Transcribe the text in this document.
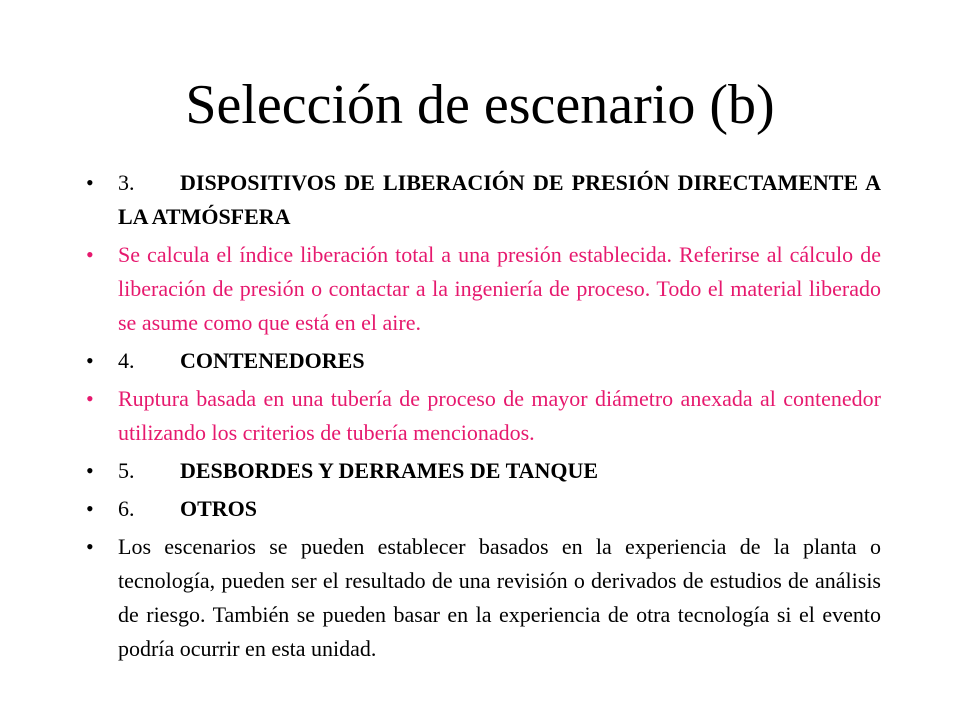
Selección de escenario (b)
• 3. DISPOSITIVOS DE LIBERACIÓN DE PRESIÓN DIRECTAMENTE A LA ATMÓSFERA
• Se calcula el índice liberación total a una presión establecida. Referirse al cálculo de liberación de presión o contactar a la ingeniería de proceso. Todo el material liberado se asume como que está en el aire.
• 4. CONTENEDORES
• Ruptura basada en una tubería de proceso de mayor diámetro anexada al contenedor utilizando los criterios de tubería mencionados.
• 5. DESBORDES Y DERRAMES DE TANQUE
• 6. OTROS
• Los escenarios se pueden establecer basados en la experiencia de la planta o tecnología, pueden ser el resultado de una revisión o derivados de estudios de análisis de riesgo. También se pueden basar en la experiencia de otra tecnología si el evento podría ocurrir en esta unidad.
